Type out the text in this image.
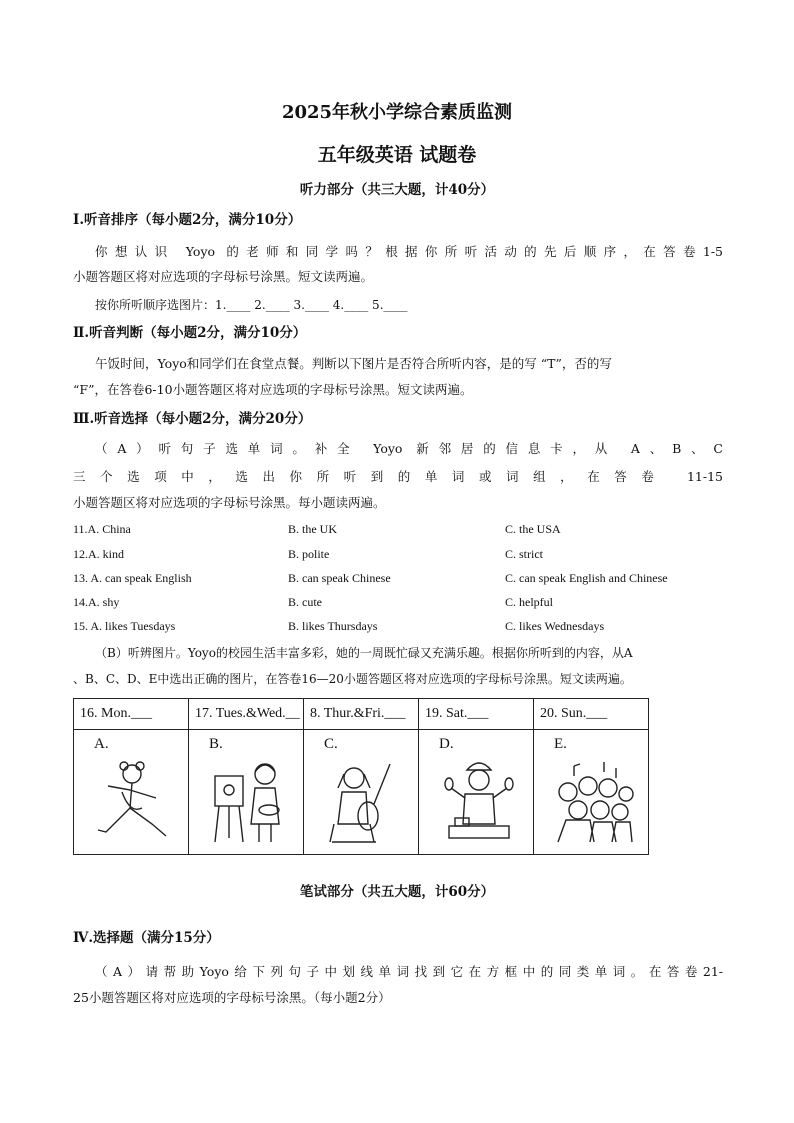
2025年秋小学综合素质监测
五年级英语 试题卷
听力部分（共三大题，计40分）
Ⅰ.听音排序（每小题2分，满分10分）
你想认识 Yoyo 的老师和同学吗？根据你所听活动的先后顺序，在答卷1-5
小题答题区将对应选项的字母标号涂黑。短文读两遍。
按你所听顺序选图片：1.____ 2.____ 3.____ 4.____ 5.____
Ⅱ.听音判断（每小题2分，满分10分）
午饭时间，Yoyo和同学们在食堂点餐。判断以下图片是否符合所听内容，是的写 “T”，否的写
“F”，在答卷6-10小题答题区将对应选项的字母标号涂黑。短文读两遍。
Ⅲ.听音选择（每小题2分，满分20分）
（A）听句子选单词。补全 Yoyo 新邻居的信息卡，从 A、B、C
三个选项中，选出你所听到的单词或词组，在答卷 11-15
小题答题区将对应选项的字母标号涂黑。每小题读两遍。
11.A. China	B. the UK	C. the USA
12.A. kind	B. polite	C. strict
13. A. can speak English	B. can speak Chinese	C. can speak English and Chinese
14.A. shy	B. cute	C. helpful
15. A. likes Tuesdays	B. likes Thursdays	C. likes Wednesdays
（B）听辨图片。Yoyo的校园生活丰富多彩，她的一周既忙碌又充满乐趣。根据你所听到的内容，从A
、B、C、D、E中选出正确的图片，在答卷16—20小题答题区将对应选项的字母标号涂黑。短文读两遍。
16. Mon.___	17. Tues.&Wed.__	8. Thur.&Fri.___	19. Sat.___	20. Sun.___

A.	B.	C.	D.	E.
笔试部分（共五大题，计60分）
Ⅳ.选择题（满分15分）
（A）请帮助Yoyo给下列句子中划线单词找到它在方框中的同类单词。在答卷21-
25小题答题区将对应选项的字母标号涂黑。（每小题2分）
